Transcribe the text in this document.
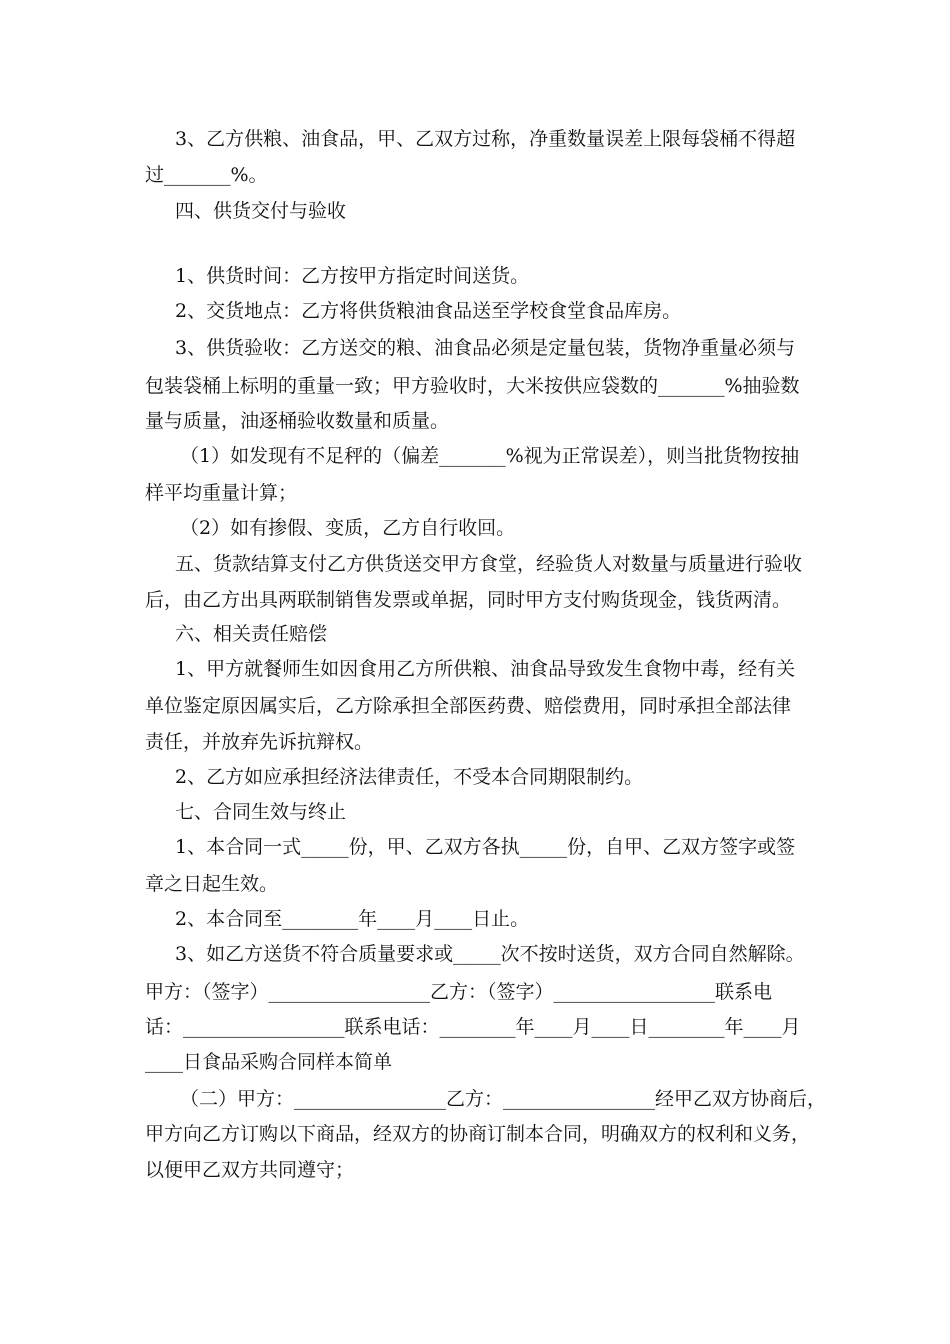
3、乙方供粮、油食品，甲、乙双方过称，净重数量误差上限每袋桶不得超
过_______%。
四、供货交付与验收
1、供货时间：乙方按甲方指定时间送货。
2、交货地点：乙方将供货粮油食品送至学校食堂食品库房。
3、供货验收：乙方送交的粮、油食品必须是定量包装，货物净重量必须与
包装袋桶上标明的重量一致；甲方验收时，大米按供应袋数的_______%抽验数
量与质量，油逐桶验收数量和质量。
（1）如发现有不足秤的（偏差_______%视为正常误差），则当批货物按抽
样平均重量计算；
（2）如有掺假、变质，乙方自行收回。
五、货款结算支付乙方供货送交甲方食堂，经验货人对数量与质量进行验收
后，由乙方出具两联制销售发票或单据，同时甲方支付购货现金，钱货两清。
六、相关责任赔偿
1、甲方就餐师生如因食用乙方所供粮、油食品导致发生食物中毒，经有关
单位鉴定原因属实后，乙方除承担全部医药费、赔偿费用，同时承担全部法律
责任，并放弃先诉抗辩权。
2、乙方如应承担经济法律责任，不受本合同期限制约。
七、合同生效与终止
1、本合同一式_____份，甲、乙双方各执_____份，自甲、乙双方签字或签
章之日起生效。
2、本合同至________年____月____日止。
3、如乙方送货不符合质量要求或_____次不按时送货，双方合同自然解除。
甲方：（签字）_________________乙方：（签字）_________________联系电
话：_________________联系电话：________年____月____日________年____月
____日食品采购合同样本简单
（二）甲方：________________乙方：________________经甲乙双方协商后，
甲方向乙方订购以下商品，经双方的协商订制本合同，明确双方的权利和义务，
以便甲乙双方共同遵守；
